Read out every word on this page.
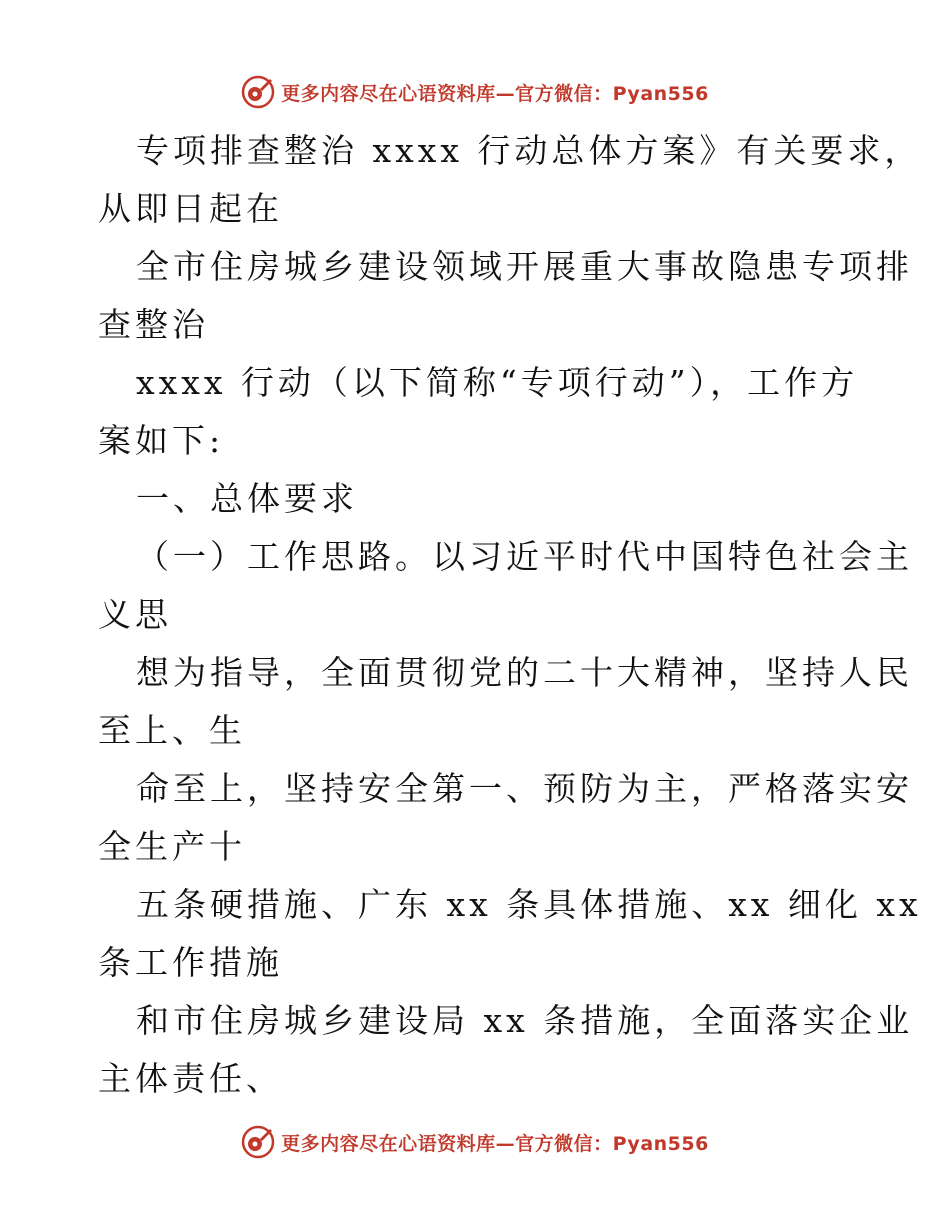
更多内容尽在心语资料库—官方微信：Pyan556
专项排查整治 xxxx 行动总体方案》有关要求，
从即日起在
全市住房城乡建设领域开展重大事故隐患专项排
查整治
xxxx 行动（以下简称“专项行动”），工作方
案如下:
一、总体要求
（一）工作思路。以习近平时代中国特色社会主
义思
想为指导，全面贯彻党的二十大精神，坚持人民
至上、生
命至上，坚持安全第一、预防为主，严格落实安
全生产十
五条硬措施、广东 xx 条具体措施、xx 细化 xx
条工作措施
和市住房城乡建设局 xx 条措施，全面落实企业
主体责任、
更多内容尽在心语资料库—官方微信：Pyan556
